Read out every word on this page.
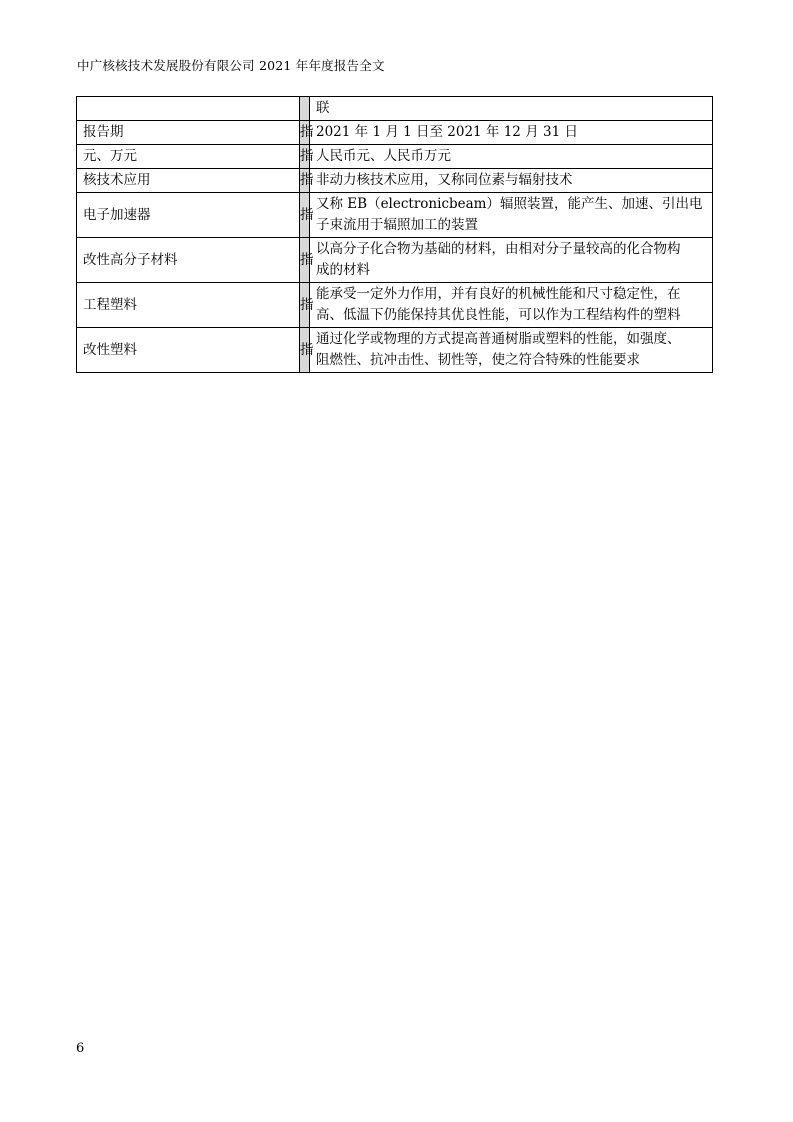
中广核核技术发展股份有限公司 2021 年年度报告全文

		联

报告期	指	2021 年 1 月 1 日至 2021 年 12 月 31 日

元、万元	指	人民币元、人民币万元

核技术应用	指	非动力核技术应用，又称同位素与辐射技术

电子加速器	指	又称 EB（electronicbeam）辐照装置，能产生、加速、引出电
子束流用于辐照加工的装置

改性高分子材料	指	以高分子化合物为基础的材料，由相对分子量较高的化合物构
成的材料

工程塑料	指	能承受一定外力作用，并有良好的机械性能和尺寸稳定性，在
高、低温下仍能保持其优良性能，可以作为工程结构件的塑料

改性塑料	指	通过化学或物理的方式提高普通树脂或塑料的性能，如强度、
阻燃性、抗冲击性、韧性等，使之符合特殊的性能要求
6
